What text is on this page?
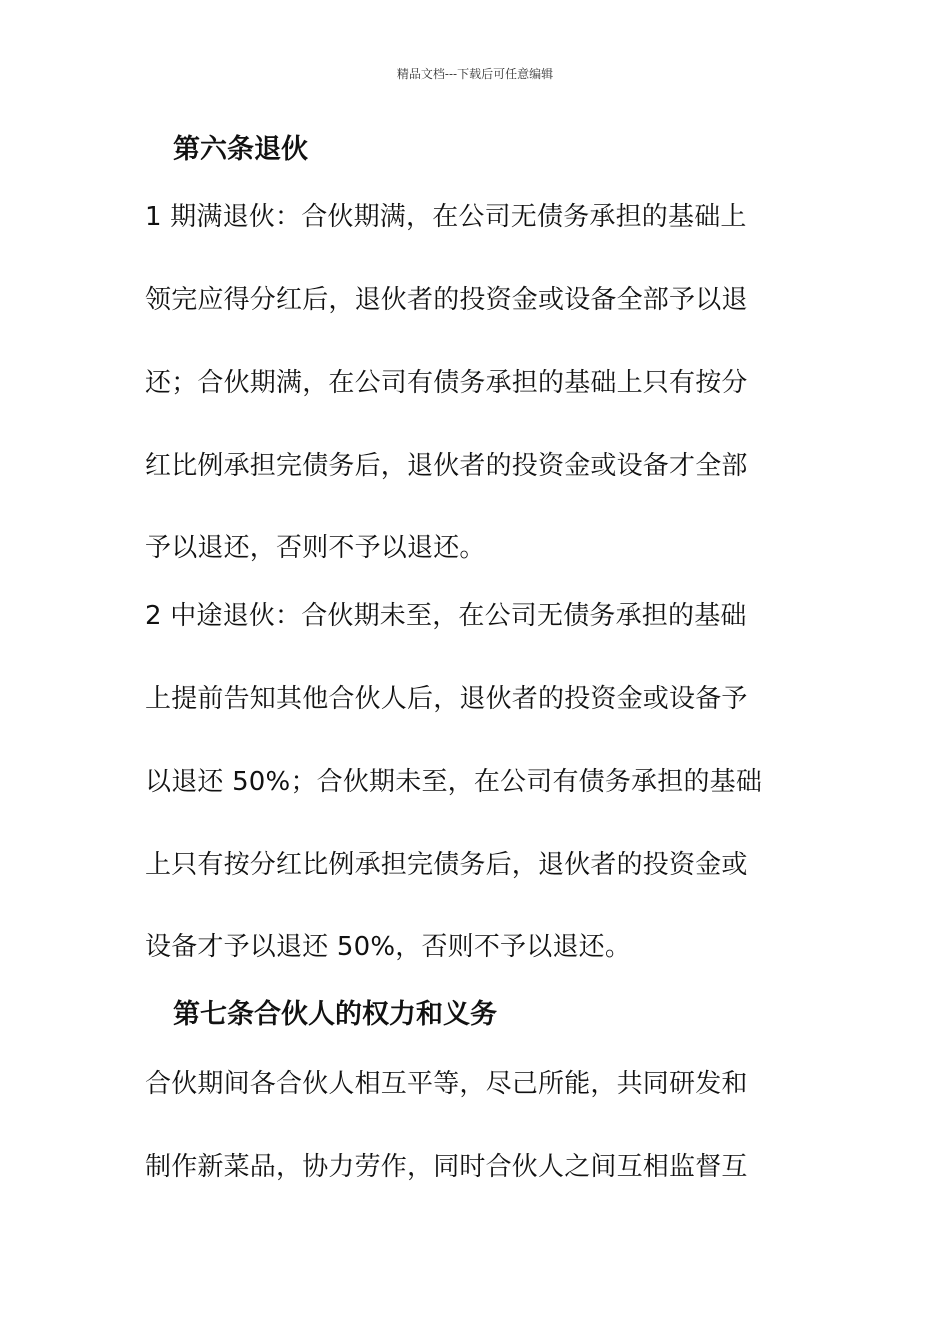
精品文档---下载后可任意编辑
第六条退伙
1 期满退伙：合伙期满，在公司无债务承担的基础上
领完应得分红后，退伙者的投资金或设备全部予以退
还；合伙期满，在公司有债务承担的基础上只有按分
红比例承担完债务后，退伙者的投资金或设备才全部
予以退还，否则不予以退还。
2 中途退伙：合伙期未至，在公司无债务承担的基础
上提前告知其他合伙人后，退伙者的投资金或设备予
以退还 50%；合伙期未至，在公司有债务承担的基础
上只有按分红比例承担完债务后，退伙者的投资金或
设备才予以退还 50%，否则不予以退还。
第七条合伙人的权力和义务
合伙期间各合伙人相互平等，尽己所能，共同研发和
制作新菜品，协力劳作，同时合伙人之间互相监督互
